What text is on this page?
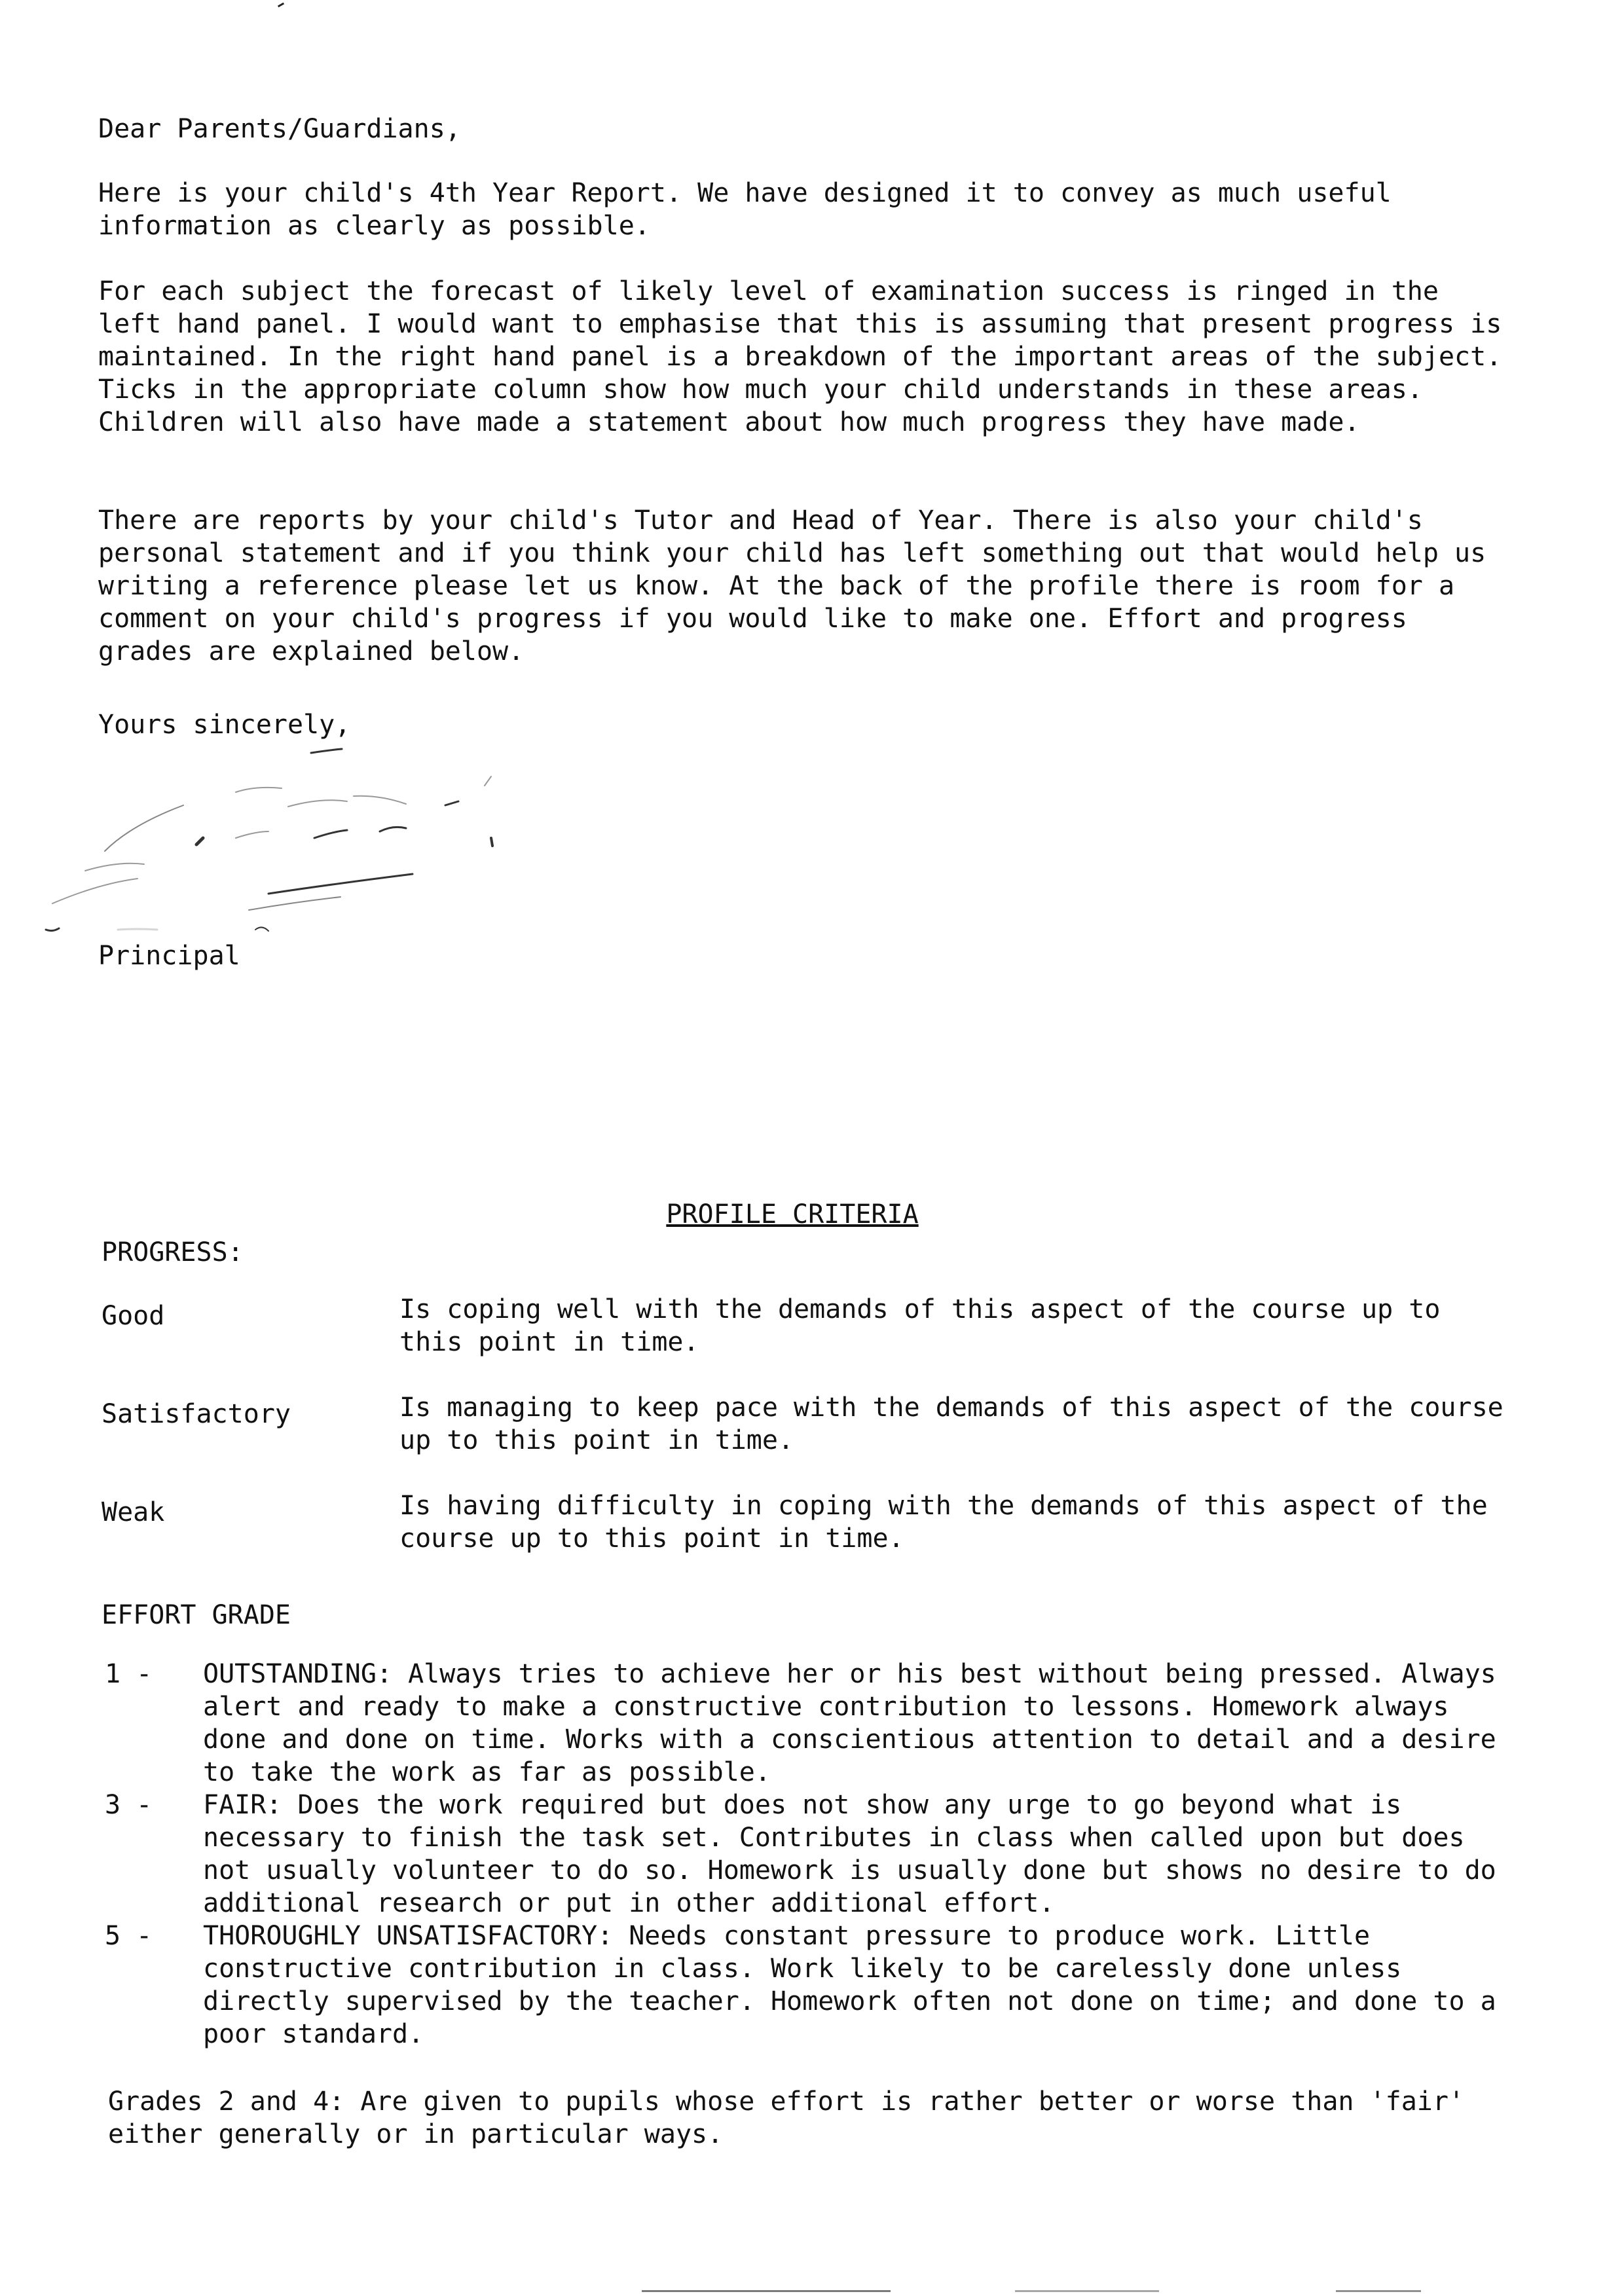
Dear Parents/Guardians,

Here is your child's 4th Year Report. We have designed it to convey as much useful information as clearly as possible.

For each subject the forecast of likely level of examination success is ringed in the left hand panel. I would want to emphasise that this is assuming that present progress is maintained. In the right hand panel is a breakdown of the important areas of the subject. Ticks in the appropriate column show how much your child understands in these areas. Children will also have made a statement about how much progress they have made.

There are reports by your child's Tutor and Head of Year. There is also your child's personal statement and if you think your child has left something out that would help us writing a reference please let us know. At the back of the profile there is room for a comment on your child's progress if you would like to make one. Effort and progress grades are explained below.

Yours sincerely,

Principal

PROFILE CRITERIA
PROGRESS:
Good	Is coping well with the demands of this aspect of the course up to this point in time.
Satisfactory	Is managing to keep pace with the demands of this aspect of the course up to this point in time.
Weak	Is having difficulty in coping with the demands of this aspect of the course up to this point in time.
EFFORT GRADE
1 -	OUTSTANDING: Always tries to achieve her or his best without being pressed. Always alert and ready to make a constructive contribution to lessons. Homework always done and done on time. Works with a conscientious attention to detail and a desire to take the work as far as possible.
3 -	FAIR: Does the work required but does not show any urge to go beyond what is necessary to finish the task set. Contributes in class when called upon but does not usually volunteer to do so. Homework is usually done but shows no desire to do additional research or put in other additional effort.
5 -	THOROUGHLY UNSATISFACTORY: Needs constant pressure to produce work. Little constructive contribution in class. Work likely to be carelessly done unless directly supervised by the teacher. Homework often not done on time; and done to a poor standard.

Grades 2 and 4: Are given to pupils whose effort is rather better or worse than 'fair' either generally or in particular ways.
